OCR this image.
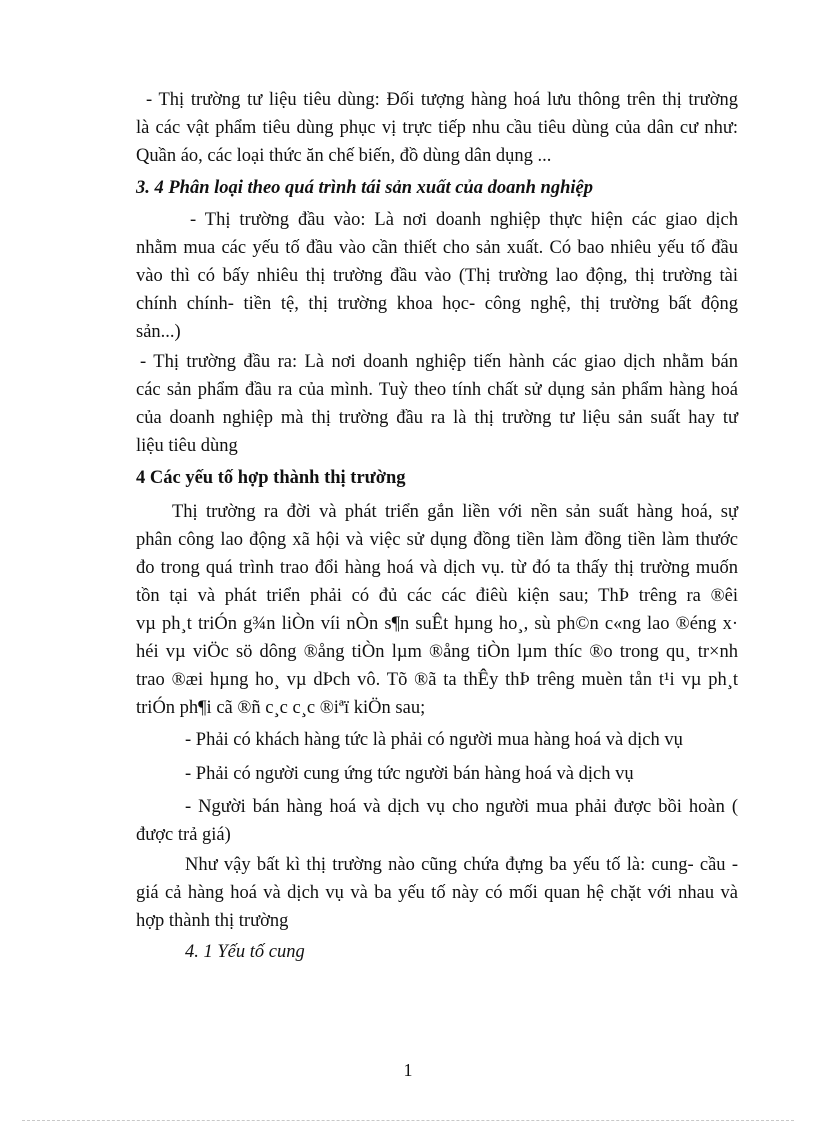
- Thị trường tư liệu tiêu dùng: Đối tượng hàng hoá lưu thông trên thị trường
là các vật phẩm tiêu dùng phục vị trực tiếp nhu cầu tiêu dùng của dân cư như:
Quần áo, các loại thức ăn chế biến, đồ dùng dân dụng ...
3. 4 Phân loại theo quá trình tái sản xuất của doanh nghiệp
- Thị trường đầu vào: Là nơi doanh nghiệp thực hiện các giao dịch
nhằm mua các yếu tố đầu vào cần thiết cho sản xuất. Có bao nhiêu yếu tố đầu
vào thì có bấy nhiêu thị trường đầu vào (Thị trường lao động, thị trường tài
chính chính- tiền tệ, thị trường khoa học- công nghệ, thị trường bất động
sản...)
- Thị trường đầu ra: Là nơi doanh nghiệp tiến hành các giao dịch nhằm bán
các sản phẩm đầu ra của mình. Tuỳ theo tính chất sử dụng sản phẩm hàng hoá
của doanh nghiệp mà thị trường đầu ra là thị trường tư liệu sản suất hay tư
liệu tiêu dùng
4 Các yếu tố hợp thành thị trường
Thị trường ra đời và phát triển gắn liền với nền sản suất hàng hoá, sự
phân công lao động xã hội và việc sử dụng đồng tiền làm đồng tiền làm thước
đo trong quá trình trao đổi hàng hoá và dịch vụ. từ đó ta thấy thị trường muốn
tồn tại và phát triển phải có đủ các các điêù kiện sau; ThÞ trêng ra ®êi
vµ ph¸t triÓn g¾n liÒn víi nÒn s¶n suÊt hµng ho¸, sù ph©n c«ng lao ®éng x·
héi vµ viÖc sö dông ®ång tiÒn lµm ®ång tiÒn lµm thíc ®o trong qu¸ tr×nh
trao ®æi hµng ho¸ vµ dÞch vô. Tõ ®ã ta thÊy thÞ trêng muèn tån t¹i vµ ph¸t
triÓn ph¶i cã ®ñ c¸c c¸c ®iªï kiÖn sau;
- Phải có khách hàng tức là phải có người mua hàng hoá và dịch vụ
- Phải có người cung ứng tức người bán hàng hoá và dịch vụ
- Người bán hàng hoá và dịch vụ cho người mua phải được bồi hoàn (
được trả giá)
Như vậy bất kì thị trường nào cũng chứa đựng ba yếu tố là: cung- cầu -
giá cả hàng hoá và dịch vụ và ba yếu tố này có mối quan hệ chặt với nhau và
hợp thành thị trường
4. 1 Yếu tố cung
1
